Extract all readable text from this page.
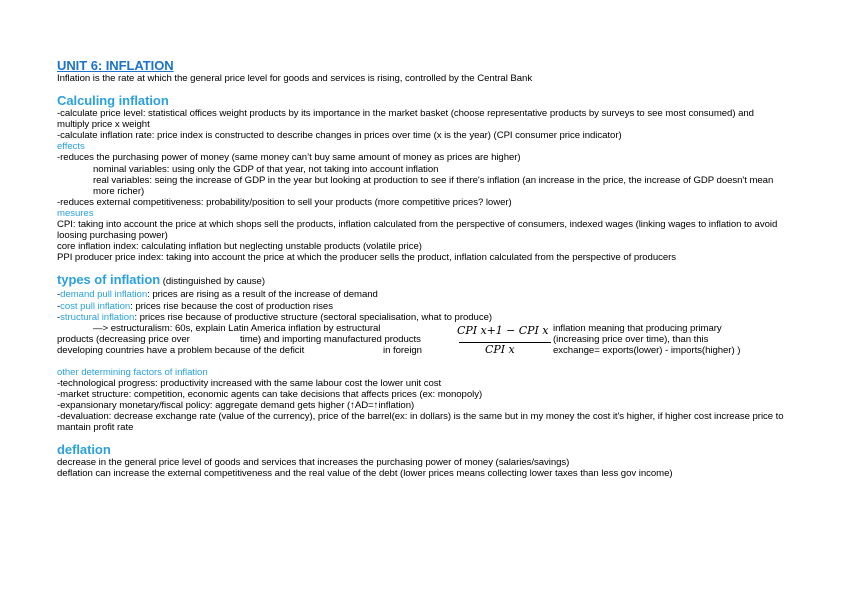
UNIT 6: INFLATION
Inflation is the rate at which the general price level for goods and services is rising, controlled by the Central Bank
Calculing inflation
-calculate price level: statistical offices weight products by its importance in the market basket (choose representative products by surveys to see most consumed) and multiply price x weight
-calculate inflation rate: price index is constructed to describe changes in prices over time (x is the year) (CPI consumer price indicator)
effects
-reduces the purchasing power of money (same money can’t buy same amount of money as prices are higher)
nominal variables: using only the GDP of that year, not taking into account inflation
real variables: seing the increase of GDP in the year but looking at production to see if there's inflation (an increase in the price, the increase of GDP doesn't mean more richer)
-reduces external competitiveness: probability/position to sell your products (more competitive prices? lower)
mesures
CPI: taking into account the price at which shops sell the products, inflation calculated from the perspective of consumers, indexed wages (linking wages to inflation to avoid loosing purchasing power)
core inflation index: calculating inflation but neglecting unstable products (volatile price)
PPI producer price index: taking into account the price at which the producer sells the product, inflation calculated from the perspective of producers
types of inflation (distinguished by cause)
-demand pull inflation: prices are rising as a result of the increase of demand
-cost pull inflation: prices rise because the cost of production rises
-structural inflation: prices rise because of productive structure (sectoral specialisation, what to produce)
—> estructuralism: 60s, explain Latin America inflation by estructural	inflation meaning that producing primary
products (decreasing price over	time) and importing manufactured products	(increasing price over time), than this
developing countries have a problem because of the deficit	in foreign	exchange= exports(lower) - imports(higher) )
CPI x+1 − CPI x
CPI x
other determining factors of inflation
-technological progress: productivity increased with the same labour cost the lower unit cost
-market structure: competition, economic agents can take decisions that affects prices (ex: monopoly)
-expansionary monetary/fiscal policy: aggregate demand gets higher (↑AD=↑inflation)
-devaluation: decrease exchange rate (value of the currency), price of the barrel(ex: in dollars) is the same but in my money the cost it's higher, if higher cost increase price to mantain profit rate
deflation
decrease in the general price level of goods and services that increases the purchasing power of money (salaries/savings)
deflation can increase the external competitiveness and the real value of the debt (lower prices means collecting lower taxes than less gov income)
